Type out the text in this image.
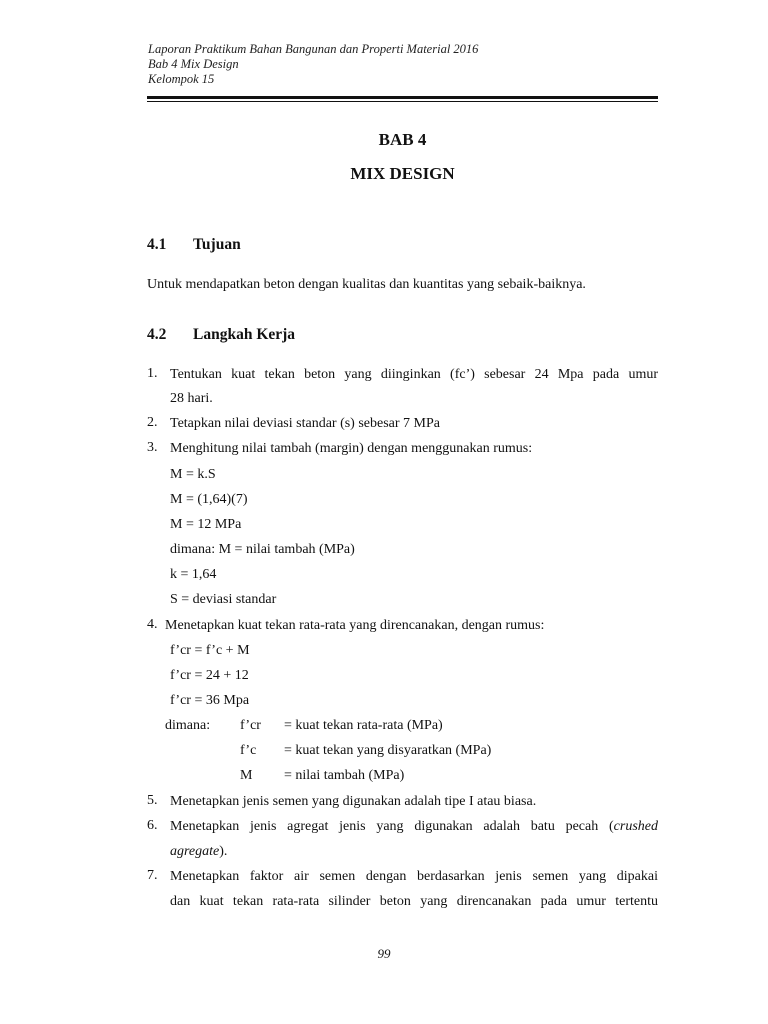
Laporan Praktikum Bahan Bangunan dan Properti Material 2016
Bab 4 Mix Design
Kelompok 15
BAB 4
MIX DESIGN
4.1 Tujuan
Untuk mendapatkan beton dengan kualitas dan kuantitas yang sebaik-baiknya.
4.2 Langkah Kerja
1. Tentukan kuat tekan beton yang diinginkan (fc’) sebesar 24 Mpa pada umur
28 hari.
2. Tetapkan nilai deviasi standar (s) sebesar 7 MPa
3. Menghitung nilai tambah (margin) dengan menggunakan rumus:
M = k.S
M = (1,64)(7)
M = 12 MPa
dimana: M = nilai tambah (MPa)
k = 1,64
S = deviasi standar
4. Menetapkan kuat tekan rata-rata yang direncanakan, dengan rumus:
f’cr = f’c + M
f’cr = 24 + 12
f’cr = 36 Mpa
dimana: f’cr = kuat tekan rata-rata (MPa)
f’c = kuat tekan yang disyaratkan (MPa)
M = nilai tambah (MPa)
5. Menetapkan jenis semen yang digunakan adalah tipe I atau biasa.
6. Menetapkan jenis agregat jenis yang digunakan adalah batu pecah (crushed
agregate).
7. Menetapkan faktor air semen dengan berdasarkan jenis semen yang dipakai
dan kuat tekan rata-rata silinder beton yang direncanakan pada umur tertentu
99
